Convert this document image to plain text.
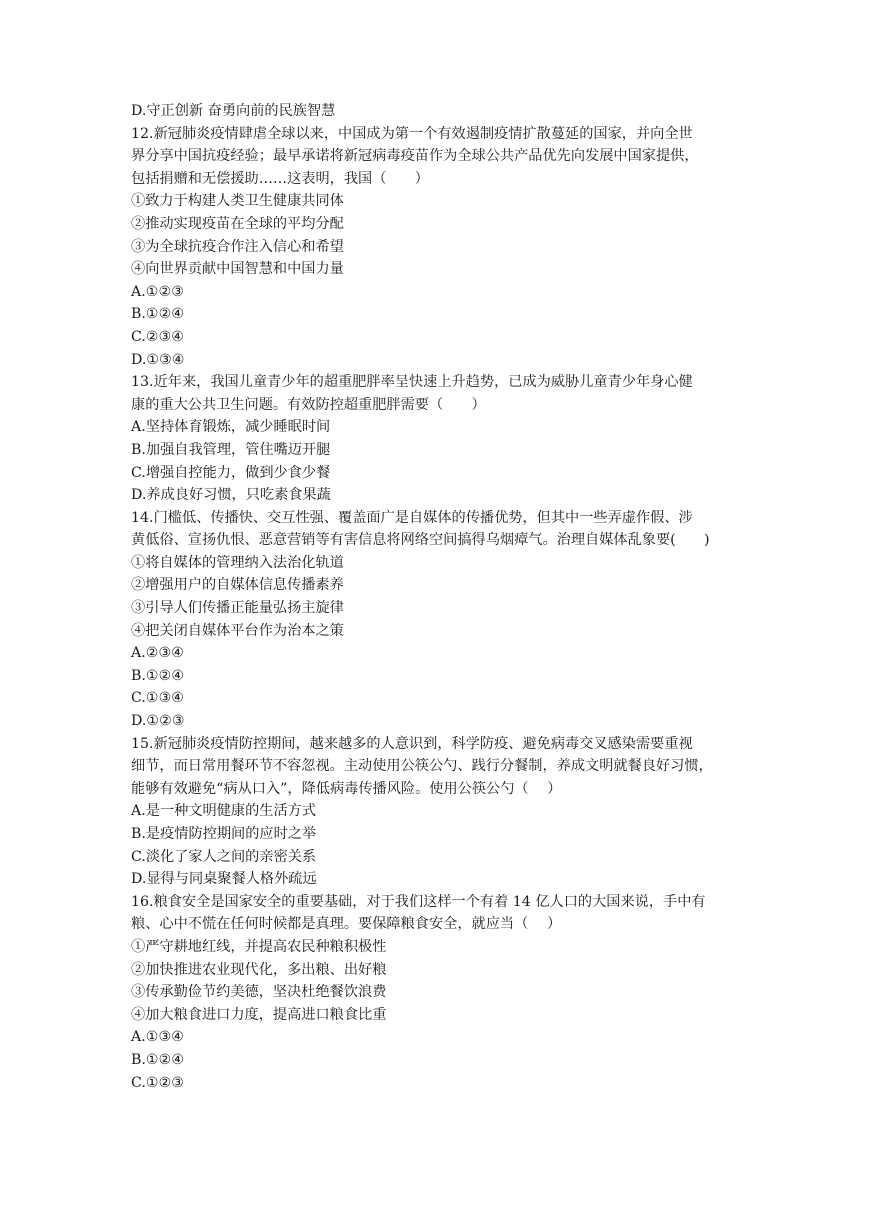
D.守正创新 奋勇向前的民族智慧
12.新冠肺炎疫情肆虐全球以来，中国成为第一个有效遏制疫情扩散蔓延的国家，并向全世
界分享中国抗疫经验；最早承诺将新冠病毒疫苗作为全球公共产品优先向发展中国家提供，
包括捐赠和无偿援助……这表明，我国（　　）
①致力于构建人类卫生健康共同体
②推动实现疫苗在全球的平均分配
③为全球抗疫合作注入信心和希望
④向世界贡献中国智慧和中国力量
A.①②③
B.①②④
C.②③④
D.①③④
13.近年来，我国儿童青少年的超重肥胖率呈快速上升趋势，已成为威胁儿童青少年身心健
康的重大公共卫生问题。有效防控超重肥胖需要（　　）
A.坚持体育锻炼，减少睡眠时间
B.加强自我管理，管住嘴迈开腿
C.增强自控能力，做到少食少餐
D.养成良好习惯，只吃素食果蔬
14.门槛低、传播快、交互性强、覆盖面广是自媒体的传播优势，但其中一些弄虚作假、涉
黄低俗、宣扬仇恨、恶意营销等有害信息将网络空间搞得乌烟瘴气。治理自媒体乱象要(　　)
①将自媒体的管理纳入法治化轨道
②增强用户的自媒体信息传播素养
③引导人们传播正能量弘扬主旋律
④把关闭自媒体平台作为治本之策
A.②③④
B.①②④
C.①③④
D.①②③
15.新冠肺炎疫情防控期间，越来越多的人意识到，科学防疫、避免病毒交叉感染需要重视
细节，而日常用餐环节不容忽视。主动使用公筷公勺、践行分餐制，养成文明就餐良好习惯，
能够有效避免“病从口入”，降低病毒传播风险。使用公筷公勺（　 ）
A.是一种文明健康的生活方式
B.是疫情防控期间的应时之举
C.淡化了家人之间的亲密关系
D.显得与同桌聚餐人格外疏远
16.粮食安全是国家安全的重要基础，对于我们这样一个有着 14 亿人口的大国来说，手中有
粮、心中不慌在任何时候都是真理。要保障粮食安全，就应当（　 ）
①严守耕地红线，并提高农民种粮积极性
②加快推进农业现代化，多出粮、出好粮
③传承勤俭节约美德，坚决杜绝餐饮浪费
④加大粮食进口力度，提高进口粮食比重
A.①③④
B.①②④
C.①②③
